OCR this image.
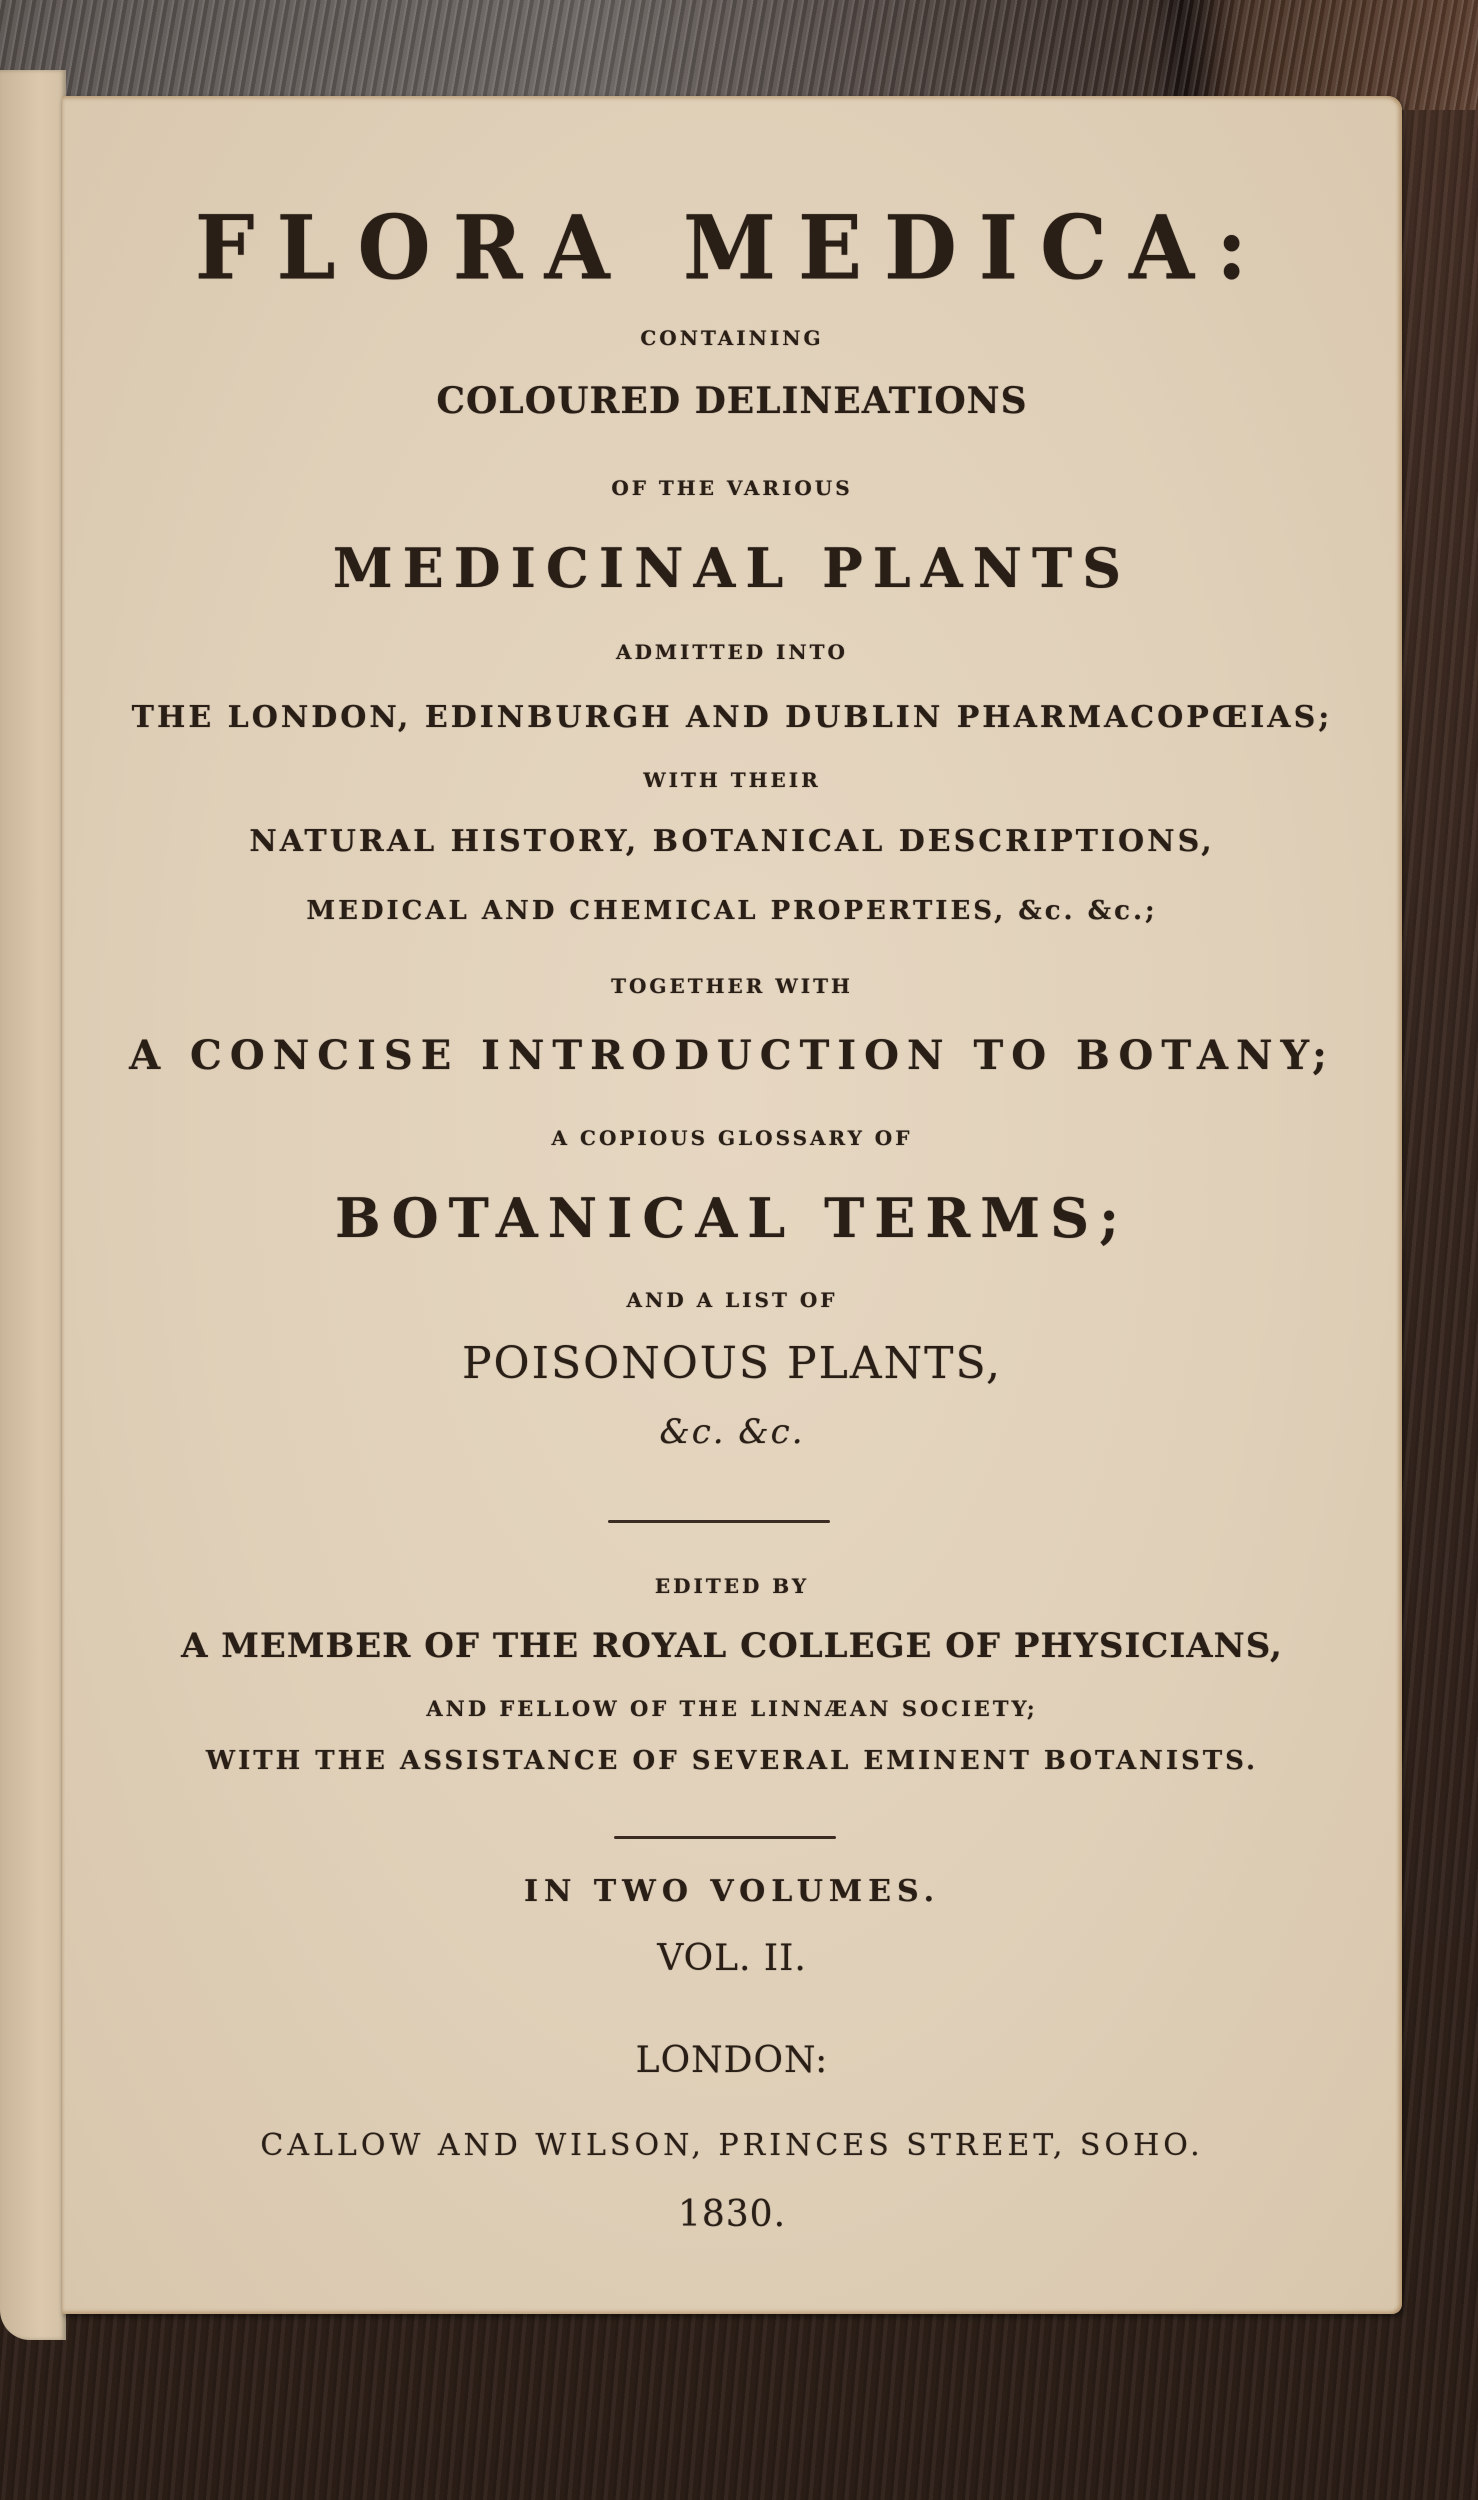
FLORA MEDICA:
CONTAINING
COLOURED DELINEATIONS
OF THE VARIOUS
MEDICINAL PLANTS
ADMITTED INTO
THE LONDON, EDINBURGH AND DUBLIN PHARMACOPŒIAS;
WITH THEIR
NATURAL HISTORY, BOTANICAL DESCRIPTIONS,
MEDICAL AND CHEMICAL PROPERTIES, &c. &c.;
TOGETHER WITH
A CONCISE INTRODUCTION TO BOTANY;
A COPIOUS GLOSSARY OF
BOTANICAL TERMS;
AND A LIST OF
POISONOUS PLANTS,
&c. &c.
EDITED BY
A MEMBER OF THE ROYAL COLLEGE OF PHYSICIANS,
AND FELLOW OF THE LINNÆAN SOCIETY;
WITH THE ASSISTANCE OF SEVERAL EMINENT BOTANISTS.
IN TWO VOLUMES.
VOL. II.
LONDON:
CALLOW AND WILSON, PRINCES STREET, SOHO.
1830.
